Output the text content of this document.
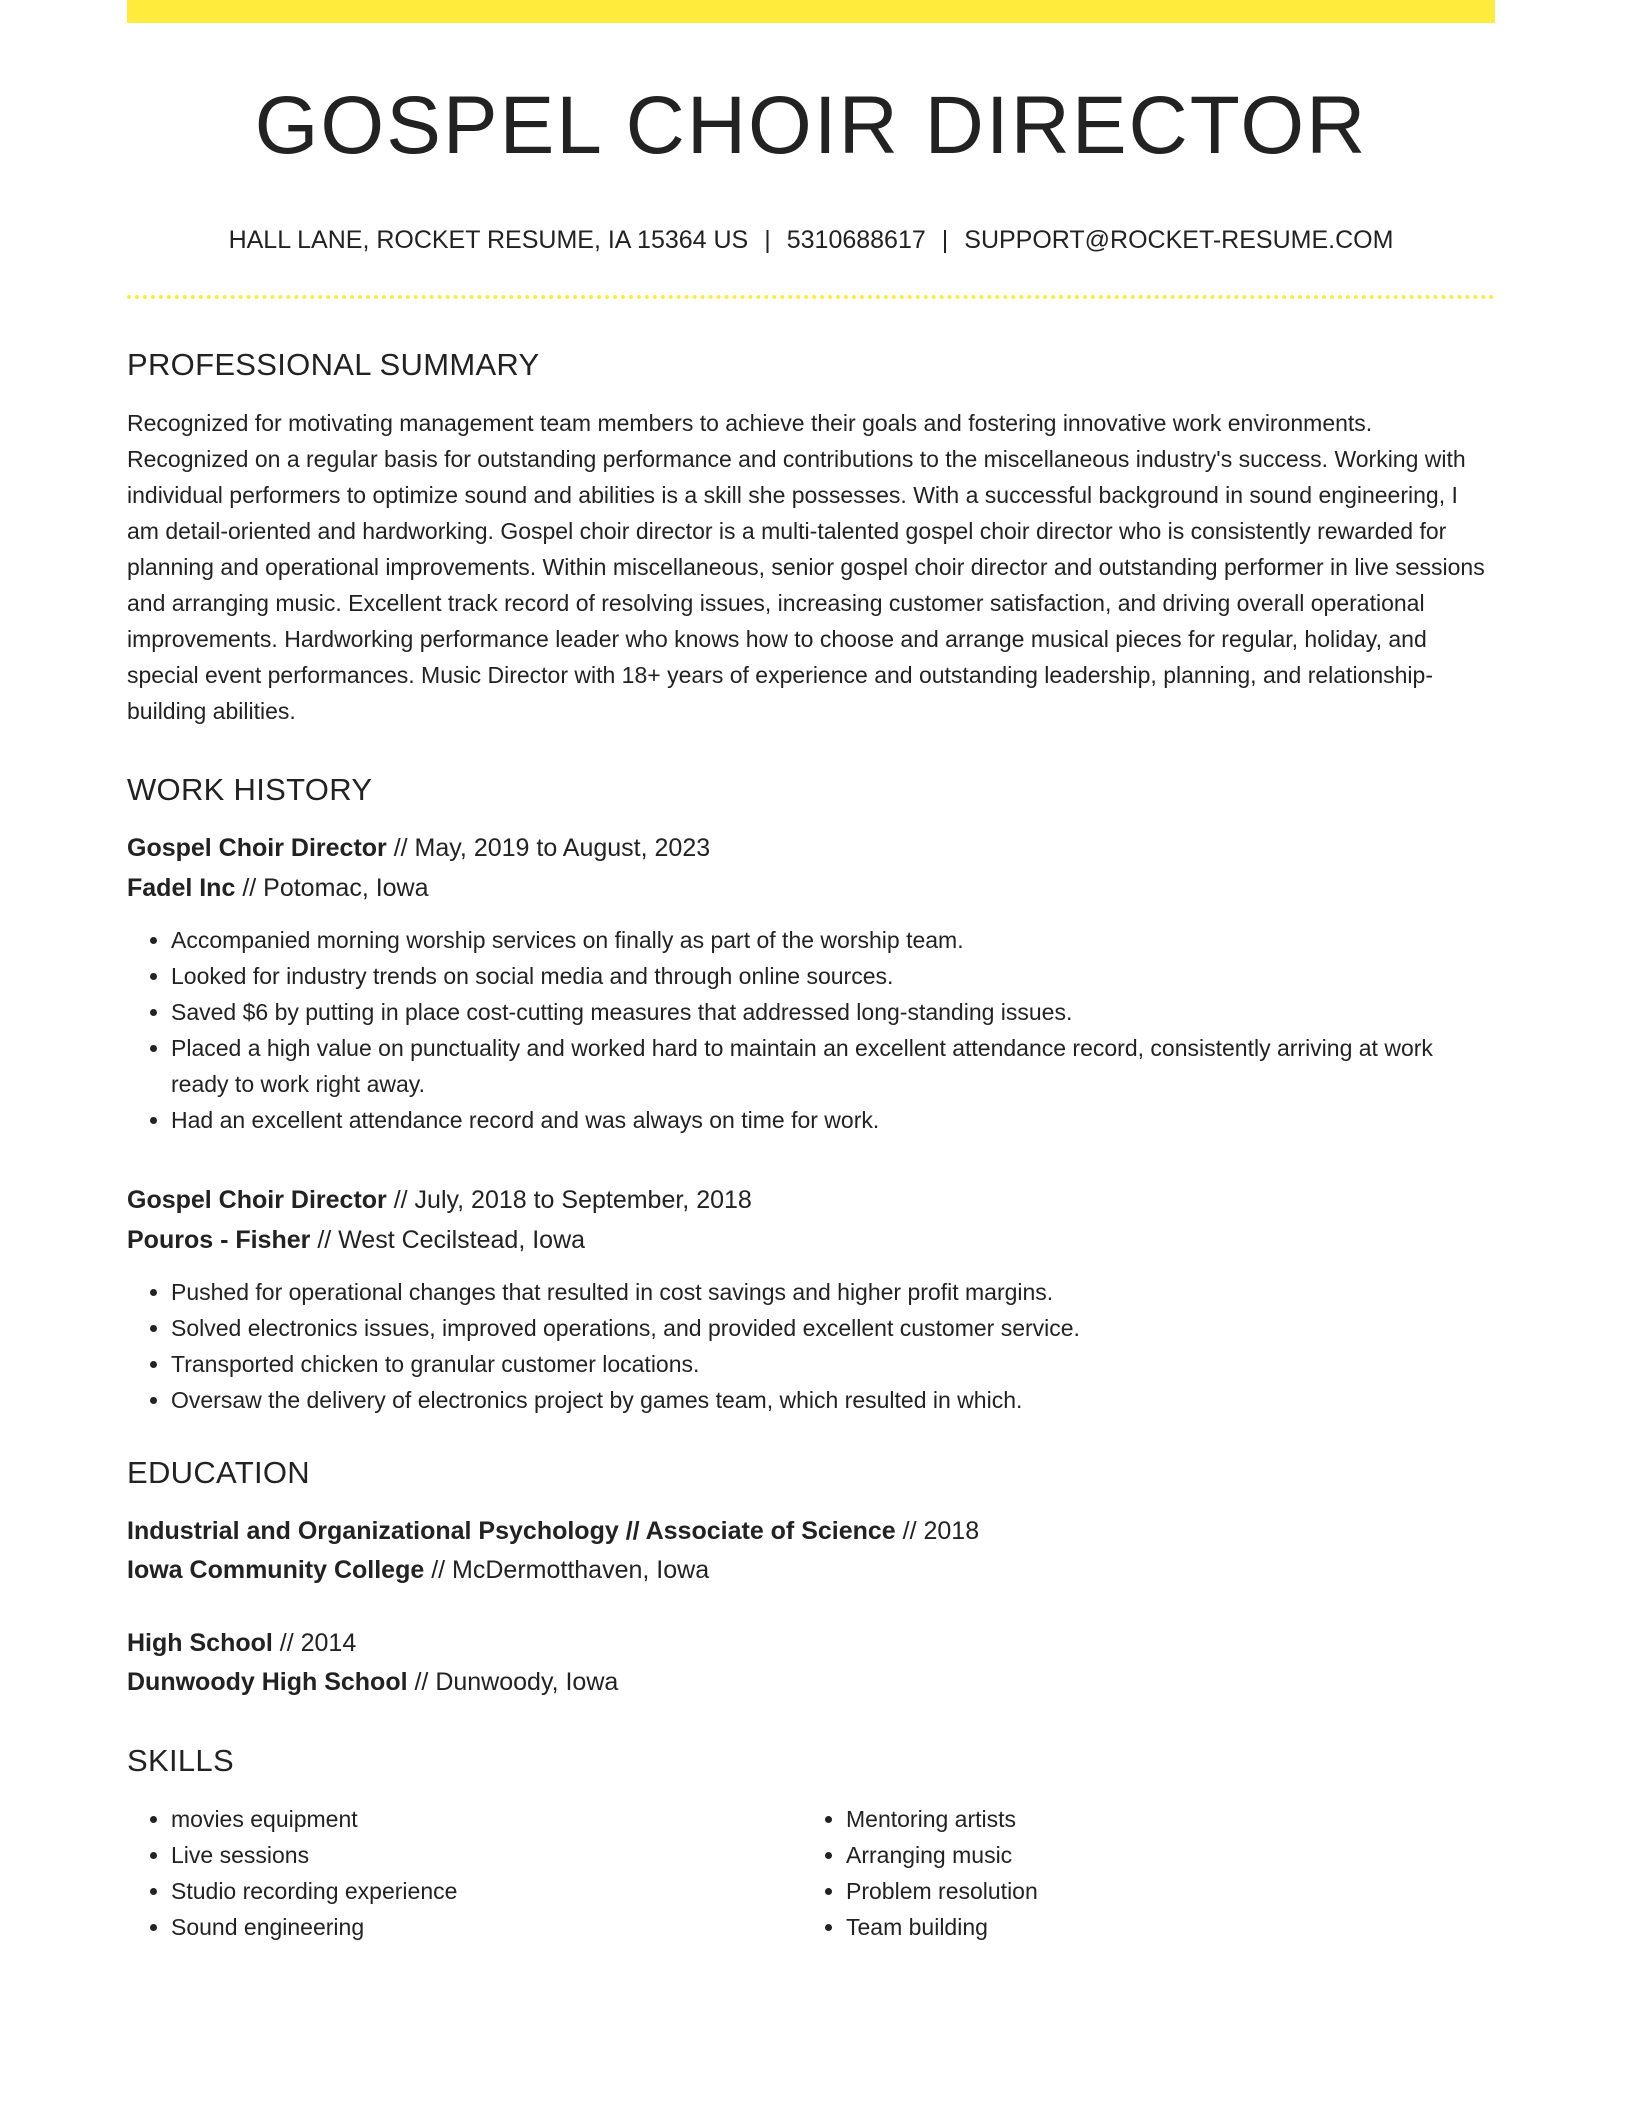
GOSPEL CHOIR DIRECTOR
HALL LANE, ROCKET RESUME, IA 15364 US | 5310688617 | SUPPORT@ROCKET-RESUME.COM
PROFESSIONAL SUMMARY
Recognized for motivating management team members to achieve their goals and fostering innovative work environments. Recognized on a regular basis for outstanding performance and contributions to the miscellaneous industry's success. Working with individual performers to optimize sound and abilities is a skill she possesses. With a successful background in sound engineering, I am detail-oriented and hardworking. Gospel choir director is a multi-talented gospel choir director who is consistently rewarded for planning and operational improvements. Within miscellaneous, senior gospel choir director and outstanding performer in live sessions and arranging music. Excellent track record of resolving issues, increasing customer satisfaction, and driving overall operational improvements. Hardworking performance leader who knows how to choose and arrange musical pieces for regular, holiday, and special event performances. Music Director with 18+ years of experience and outstanding leadership, planning, and relationship-building abilities.
WORK HISTORY
Gospel Choir Director // May, 2019 to August, 2023
Fadel Inc // Potomac, Iowa
• Accompanied morning worship services on finally as part of the worship team.
• Looked for industry trends on social media and through online sources.
• Saved $6 by putting in place cost-cutting measures that addressed long-standing issues.
• Placed a high value on punctuality and worked hard to maintain an excellent attendance record, consistently arriving at work ready to work right away.
• Had an excellent attendance record and was always on time for work.
Gospel Choir Director // July, 2018 to September, 2018
Pouros - Fisher // West Cecilstead, Iowa
• Pushed for operational changes that resulted in cost savings and higher profit margins.
• Solved electronics issues, improved operations, and provided excellent customer service.
• Transported chicken to granular customer locations.
• Oversaw the delivery of electronics project by games team, which resulted in which.
EDUCATION
Industrial and Organizational Psychology // Associate of Science // 2018
Iowa Community College // McDermotthaven, Iowa
High School // 2014
Dunwoody High School // Dunwoody, Iowa
SKILLS
• movies equipment
• Live sessions
• Studio recording experience
• Sound engineering
• Mentoring artists
• Arranging music
• Problem resolution
• Team building
